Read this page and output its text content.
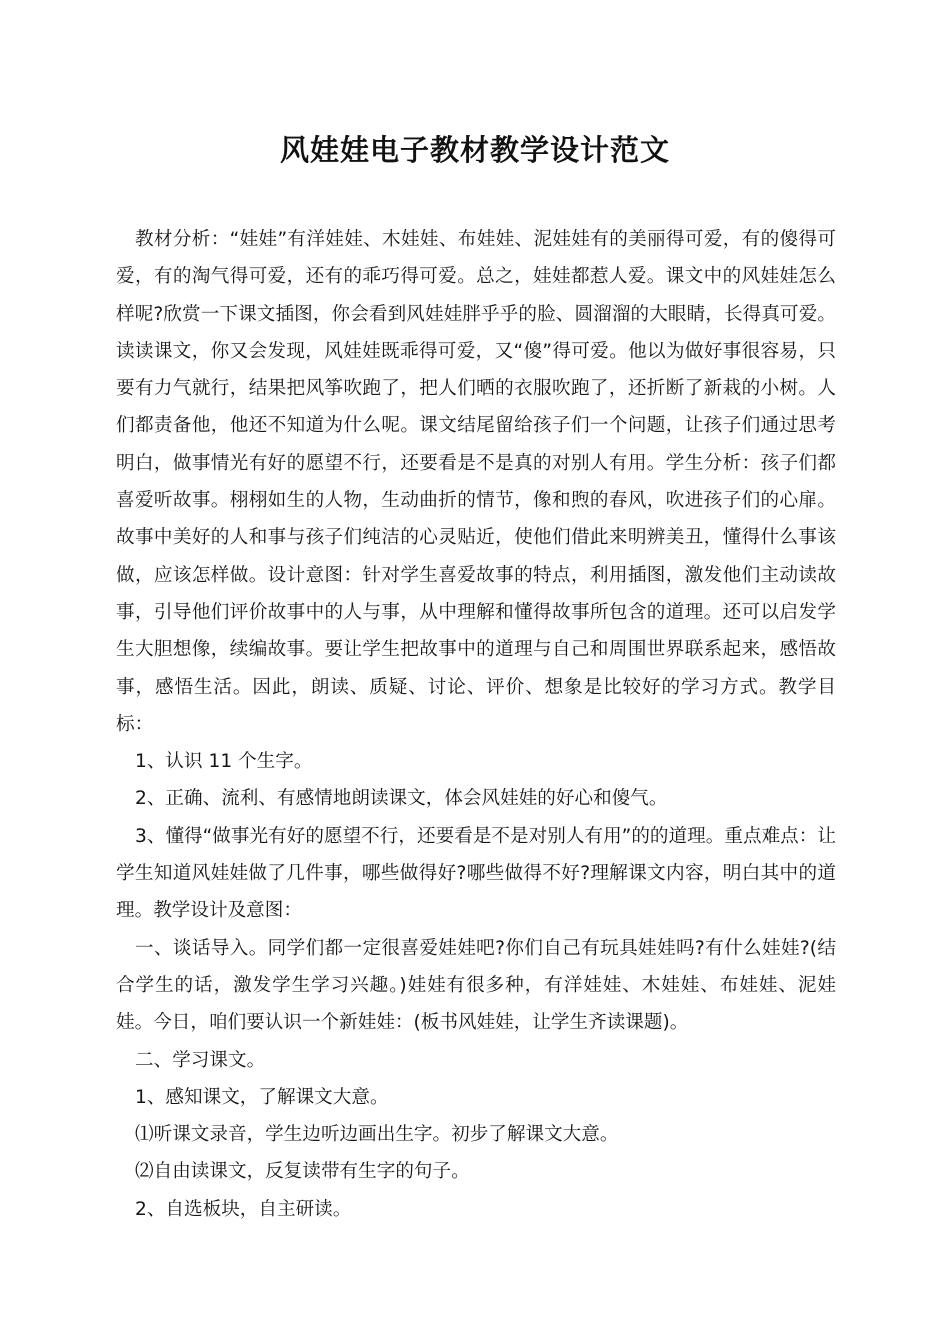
风娃娃电子教材教学设计范文

教材分析：“娃娃”有洋娃娃、木娃娃、布娃娃、泥娃娃有的美丽得可爱，有的傻得可爱，有的淘气得可爱，还有的乖巧得可爱。总之，娃娃都惹人爱。课文中的风娃娃怎么样呢?欣赏一下课文插图，你会看到风娃娃胖乎乎的脸、圆溜溜的大眼睛，长得真可爱。读读课文，你又会发现，风娃娃既乖得可爱，又“傻”得可爱。他以为做好事很容易，只要有力气就行，结果把风筝吹跑了，把人们晒的衣服吹跑了，还折断了新栽的小树。人们都责备他，他还不知道为什么呢。课文结尾留给孩子们一个问题，让孩子们通过思考明白，做事情光有好的愿望不行，还要看是不是真的对别人有用。学生分析：孩子们都喜爱听故事。栩栩如生的人物，生动曲折的情节，像和煦的春风，吹进孩子们的心扉。故事中美好的人和事与孩子们纯洁的心灵贴近，使他们借此来明辨美丑，懂得什么事该做，应该怎样做。设计意图：针对学生喜爱故事的特点，利用插图，激发他们主动读故事，引导他们评价故事中的人与事，从中理解和懂得故事所包含的道理。还可以启发学生大胆想像，续编故事。要让学生把故事中的道理与自己和周围世界联系起来，感悟故事，感悟生活。因此，朗读、质疑、讨论、评价、想象是比较好的学习方式。教学目标：

1、认识 11 个生字。

2、正确、流利、有感情地朗读课文，体会风娃娃的好心和傻气。

3、懂得“做事光有好的愿望不行，还要看是不是对别人有用”的的道理。重点难点：让学生知道风娃娃做了几件事，哪些做得好?哪些做得不好?理解课文内容，明白其中的道理。教学设计及意图：

一、谈话导入。同学们都一定很喜爱娃娃吧?你们自己有玩具娃娃吗?有什么娃娃?(结合学生的话，激发学生学习兴趣。)娃娃有很多种，有洋娃娃、木娃娃、布娃娃、泥娃娃。今日，咱们要认识一个新娃娃：(板书风娃娃，让学生齐读课题)。

二、学习课文。

1、感知课文，了解课文大意。

⑴听课文录音，学生边听边画出生字。初步了解课文大意。

⑵自由读课文，反复读带有生字的句子。

2、自选板块，自主研读。
